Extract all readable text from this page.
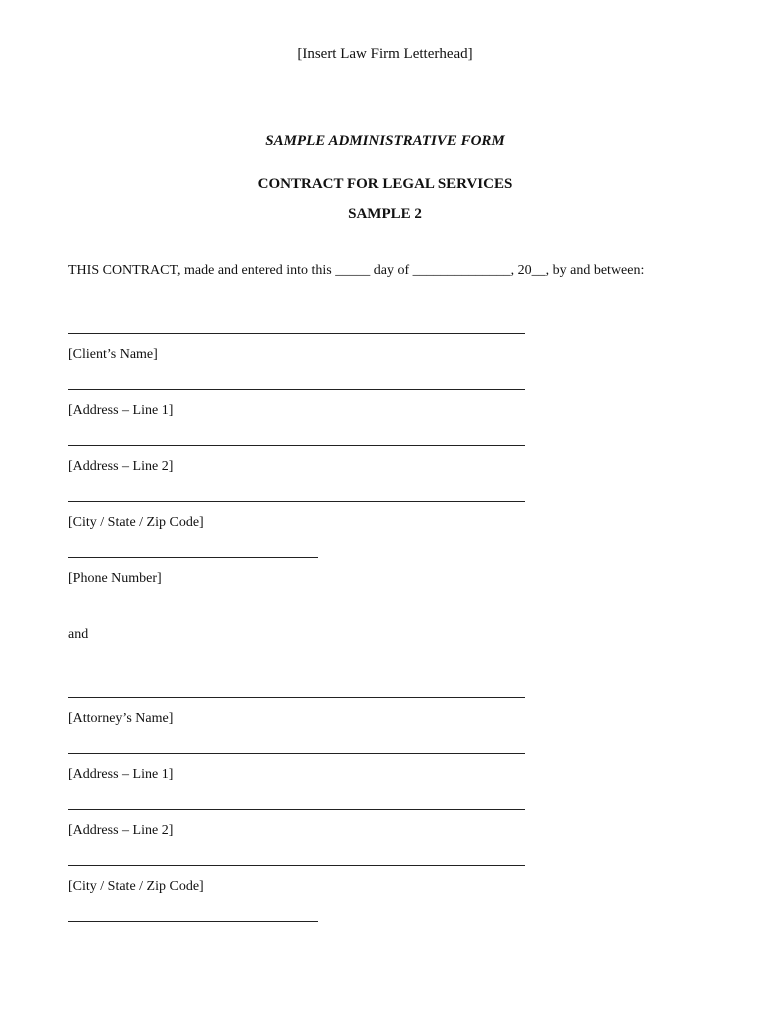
[Insert Law Firm Letterhead]
SAMPLE ADMINISTRATIVE FORM
CONTRACT FOR LEGAL SERVICES
SAMPLE 2
THIS CONTRACT, made and entered into this _____ day of ______________, 20__, by and between:
[Client’s Name]
[Address – Line 1]
[Address – Line 2]
[City / State / Zip Code]
[Phone Number]
and
[Attorney’s Name]
[Address – Line 1]
[Address – Line 2]
[City / State / Zip Code]
